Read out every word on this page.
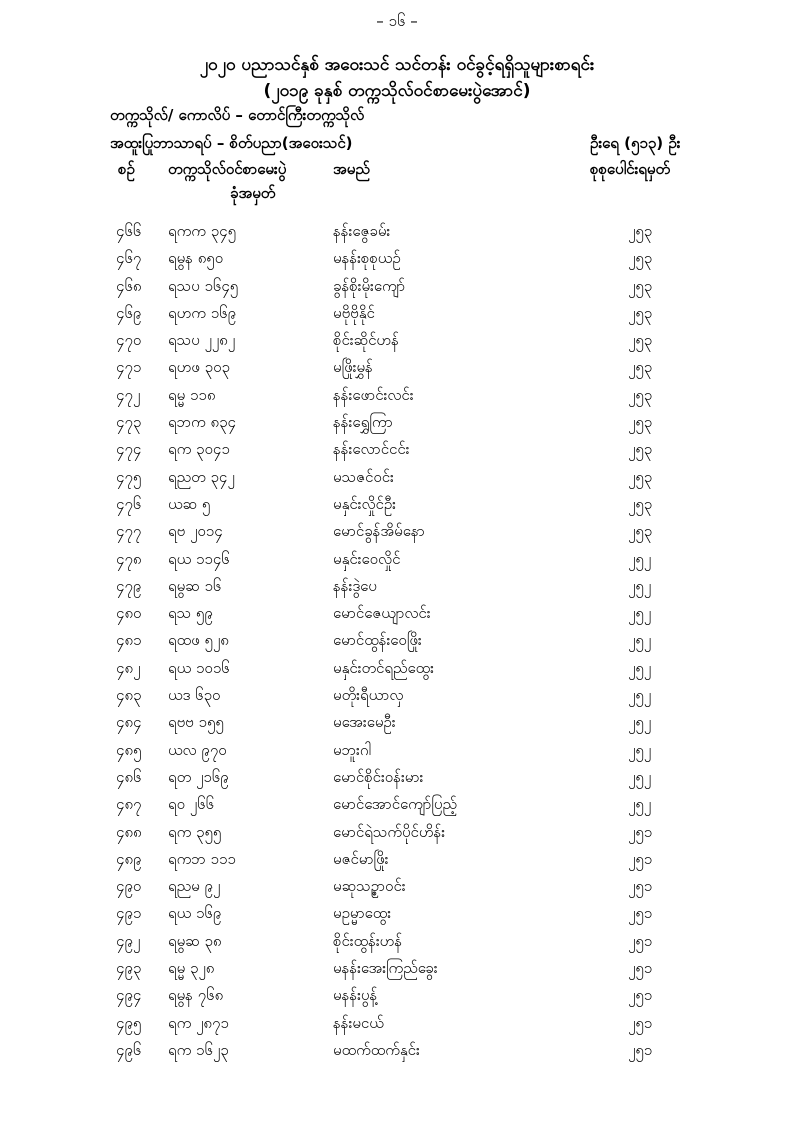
– ၁၆ –
၂၀၂၀ ပညာသင်နှစ် အဝေးသင် သင်တန်း ဝင်ခွင့်ရရှိသူများစာရင်း
(၂၀၁၉ ခုနှစ် တက္ကသိုလ်ဝင်စာမေးပွဲအောင်)
တက္ကသိုလ်/ ကောလိပ် – တောင်ကြီးတက္ကသိုလ်
အထူးပြုဘာသာရပ် – စိတ်ပညာ(အဝေးသင်)	ဦးရေ (၅၁၃) ဦး
စဉ် တက္ကသိုလ်ဝင်စာမေးပွဲ
ခုံအမှတ်
အမည်	စုစုပေါင်းရမှတ်
၄၆၆ ရကက ၃၄၅	နန်းဇွေခမ်း	၂၅၃
၄၆၇ ရမွန ၈၅၀	မနန်းစုစုယဉ်	၂၅၃
၄၆၈ ရသပ ၁၆၄၅	ခွန်စိုးမိုးကျော်	၂၅၃
၄၆၉ ရဟက ၁၆၉	မဗိုဗိုနိုင်	၂၅၃
၄၇၀ ရသပ ၂၂၈၂	စိုင်းဆိုင်ဟန်	၂၅၃
၄၇၁ ရဟဖ ၃၀၃	မဖြိုးမွှန်	၂၅၃
၄၇၂ ရမ္မ ၁၁၈	နန်းဖောင်းလင်း	၂၅၃
၄၇၃ ရဘက ၈၃၄	နန်းရွှေကြာ	၂၅၃
၄၇၄ ရက ၃၀၄၁	နန်းလောင်ငင်း	၂၅၃
၄၇၅ ရညတ ၃၄၂	မသဇင်ဝင်း	၂၅၃
၄၇၆ ယဆ ၅	မနှင်းလှိုင်ဦး	၂၅၃
၄၇၇ ရဗ ၂၀၁၄	မောင်ခွန်အိမ်နော	၂၅၃
၄၇၈ ရယ ၁၁၄၆	မနှင်းဝေလှိုင်	၂၅၂
၄၇၉ ရမွဆ ၁၆	နန်းဒွဲပေ	၂၅၂
၄၈၀ ရသ ၅၉	မောင်ဇေယျာလင်း	၂၅၂
၄၈၁ ရထဖ ၅၂၈	မောင်ထွန်းဝေဖြိုး	၂၅၂
၄၈၂ ရယ ၁၀၁၆	မနှင်းတင်ရည်ထွေး	၂၅၂
၄၈၃ ယဒ ၆၃၀	မတိုးရီယာလှ	၂၅၂
၄၈၄ ရဗဗ ၁၅၅	မအေးမေဦး	၂၅၂
၄၈၅ ယလ ၉၇၀	မဘူးဂါ	၂၅၂
၄၈၆ ရတ ၂၁၆၉	မောင်စိုင်းဝန်းမား	၂၅၂
၄၈၇ ရဝ ၂၆၆	မောင်အောင်ကျော်ပြည့်	၂၅၂
၄၈၈ ရက ၃၅၅	မောင်ရဲသက်ပိုင်ဟိန်း	၂၅၁
၄၈၉ ရကဘ ၁၁၁	မဇင်မာဖြိုး	၂၅၁
၄၉၀ ရညမ ၉၂	မဆုသဉ္စာဝင်း	၂၅၁
၄၉၁ ရယ ၁၆၉	မဥမ္မာထွေး	၂၅၁
၄၉၂ ရမွဆ ၃၈	စိုင်းထွန်းဟန်	၂၅၁
၄၉၃ ရမ္မ ၃၂၈	မနန်းအေးကြည်ခွေး	၂၅၁
၄၉၄ ရမွန ၇၆၈	မနန်းပွန့်	၂၅၁
၄၉၅ ရက ၂၈၇၁	နန်းမငယ်	၂၅၁
၄၉၆ ရက ၁၆၂၃	မထက်ထက်နှင်း	၂၅၁
